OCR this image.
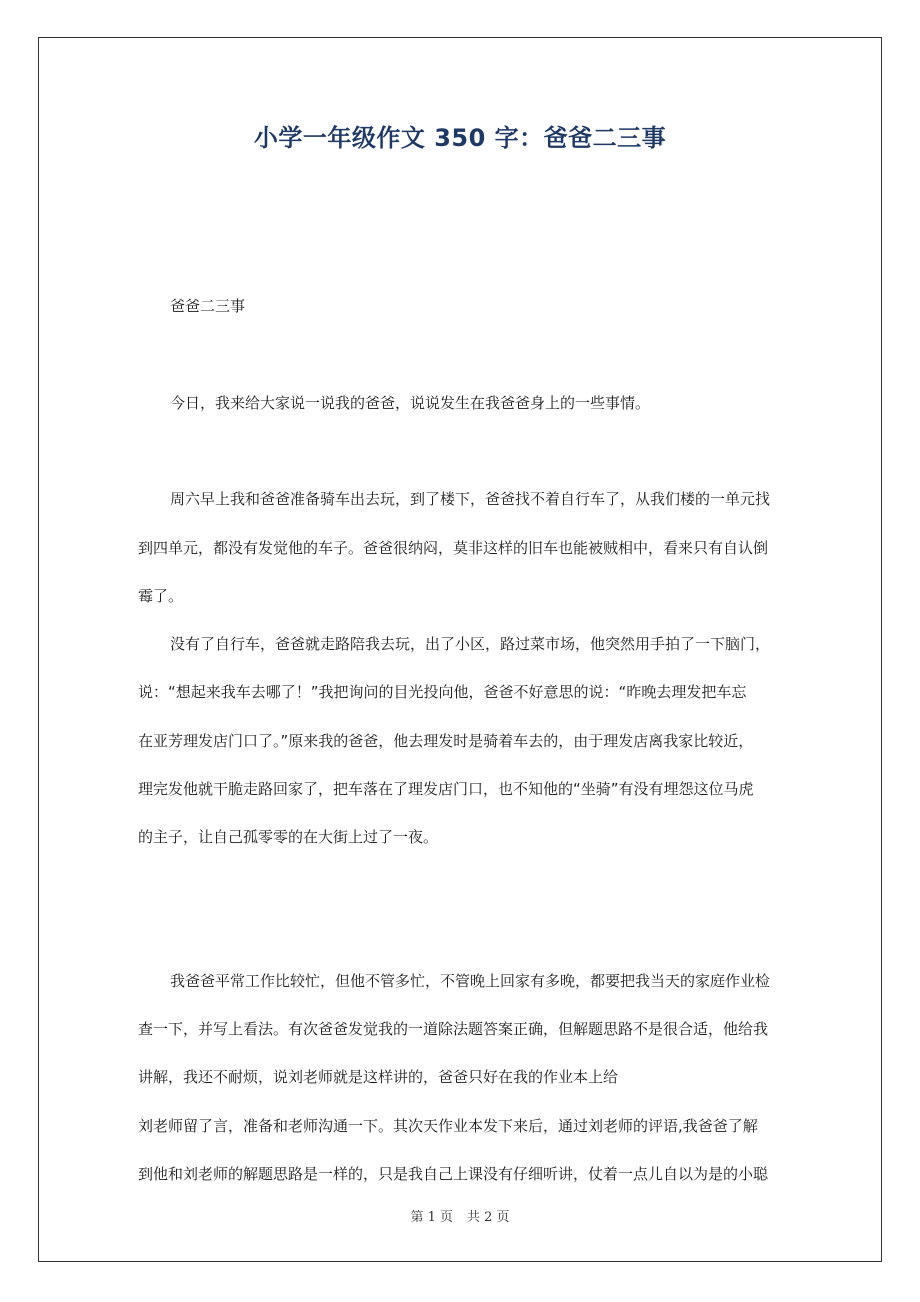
小学一年级作文 350 字：爸爸二三事

爸爸二三事

今日，我来给大家说一说我的爸爸，说说发生在我爸爸身上的一些事情。

周六早上我和爸爸准备骑车出去玩，到了楼下，爸爸找不着自行车了，从我们楼的一单元找

到四单元，都没有发觉他的车子。爸爸很纳闷，莫非这样的旧车也能被贼相中，看来只有自认倒

霉了。

没有了自行车，爸爸就走路陪我去玩，出了小区，路过菜市场，他突然用手拍了一下脑门，

说：“想起来我车去哪了！”我把询问的目光投向他，爸爸不好意思的说：“昨晚去理发把车忘

在亚芳理发店门口了。”原来我的爸爸，他去理发时是骑着车去的，由于理发店离我家比较近，

理完发他就干脆走路回家了，把车落在了理发店门口，也不知他的“坐骑”有没有埋怨这位马虎

的主子，让自己孤零零的在大街上过了一夜。

我爸爸平常工作比较忙，但他不管多忙，不管晚上回家有多晚，都要把我当天的家庭作业检

查一下，并写上看法。有次爸爸发觉我的一道除法题答案正确，但解题思路不是很合适，他给我

讲解，我还不耐烦，说刘老师就是这样讲的，爸爸只好在我的作业本上给

刘老师留了言，准备和老师沟通一下。其次天作业本发下来后，通过刘老师的评语,我爸爸了解

到他和刘老师的解题思路是一样的，只是我自己上课没有仔细听讲，仗着一点儿自以为是的小聪

第 1 页 共 2 页
